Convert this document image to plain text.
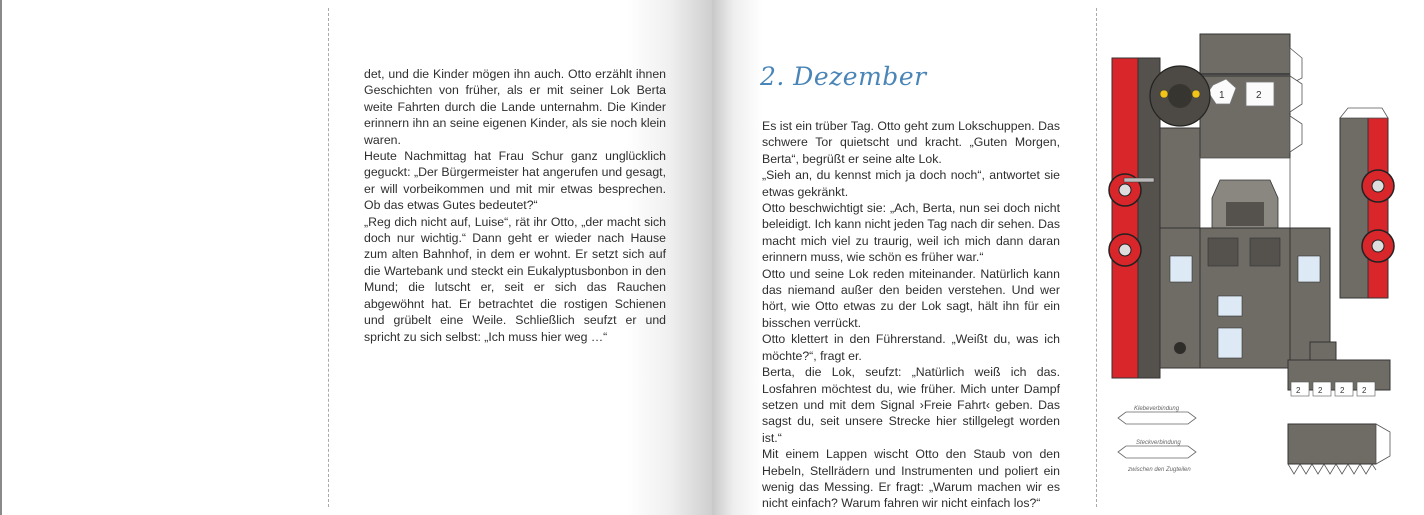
det, und die Kinder mögen ihn auch. Otto erzählt ihnen Geschichten von früher, als er mit seiner Lok Berta weite Fahrten durch die Lande unternahm. Die Kinder erinnern ihn an seine eigenen Kinder, als sie noch klein waren.

Heute Nachmittag hat Frau Schur ganz unglücklich geguckt: „Der Bürgermeister hat angerufen und gesagt, er will vorbeikommen und mit mir etwas besprechen. Ob das etwas Gutes bedeutet?“

„Reg dich nicht auf, Luise“, rät ihr Otto, „der macht sich doch nur wichtig.“ Dann geht er wieder nach Hause zum alten Bahnhof, in dem er wohnt. Er setzt sich auf die Wartebank und steckt ein Eukalyptusbonbon in den Mund; die lutscht er, seit er sich das Rauchen abgewöhnt hat. Er betrachtet die rostigen Schienen und grübelt eine Weile. Schließlich seufzt er und spricht zu sich selbst: „Ich muss hier weg …“

2. Dezember

Es ist ein trüber Tag. Otto geht zum Lokschuppen. Das schwere Tor quietscht und kracht. „Guten Morgen, Berta“, begrüßt er seine alte Lok.

„Sieh an, du kennst mich ja doch noch“, antwortet sie etwas gekränkt.

Otto beschwichtigt sie: „Ach, Berta, nun sei doch nicht beleidigt. Ich kann nicht jeden Tag nach dir sehen. Das macht mich viel zu traurig, weil ich mich dann daran erinnern muss, wie schön es früher war.“

Otto und seine Lok reden miteinander. Natürlich kann das niemand außer den beiden verstehen. Und wer hört, wie Otto etwas zu der Lok sagt, hält ihn für ein bisschen verrückt.

Otto klettert in den Führerstand. „Weißt du, was ich möchte?“, fragt er.

Berta, die Lok, seufzt: „Natürlich weiß ich das. Losfahren möchtest du, wie früher. Mich unter Dampf setzen und mit dem Signal ›Freie Fahrt‹ geben. Das sagst du, seit unsere Strecke hier stillgelegt worden ist.“

Mit einem Lappen wischt Otto den Staub von den Hebeln, Stellrädern und Instrumenten und poliert ein wenig das Messing. Er fragt: „Warum machen wir es nicht einfach? Warum fahren wir nicht einfach los?“

1	2
2 2 2 2
Klebeverbindung
Steckverbindung
zwischen den Zugteilen
